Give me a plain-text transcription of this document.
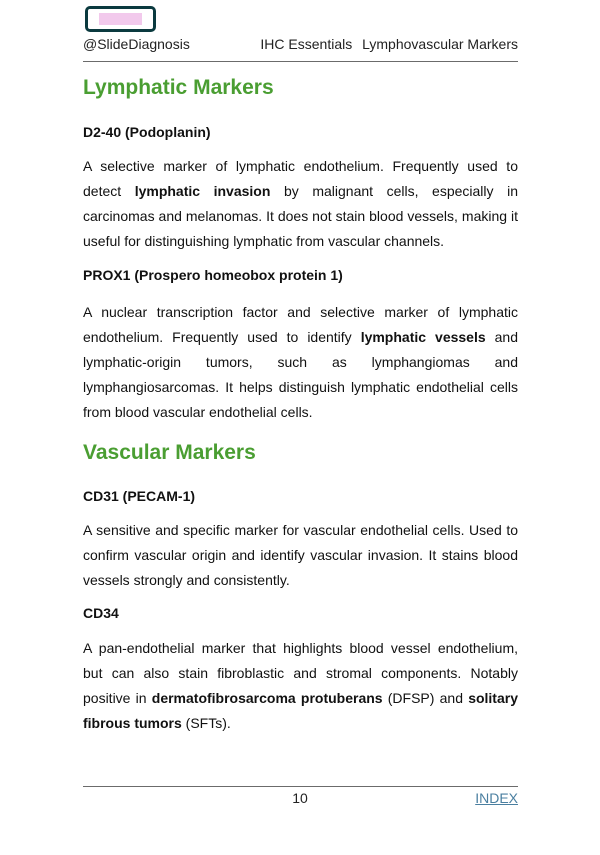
@SlideDiagnosis	IHC Essentials Lymphovascular Markers
Lymphatic Markers
D2-40 (Podoplanin)

A selective marker of lymphatic endothelium. Frequently used to detect lymphatic invasion by malignant cells, especially in carcinomas and melanomas. It does not stain blood vessels, making it useful for distinguishing lymphatic from vascular channels.

PROX1 (Prospero homeobox protein 1)

A nuclear transcription factor and selective marker of lymphatic endothelium. Frequently used to identify lymphatic vessels and lymphatic-origin tumors, such as lymphangiomas and lymphangiosarcomas. It helps distinguish lymphatic endothelial cells from blood vascular endothelial cells.

Vascular Markers
CD31 (PECAM-1)

A sensitive and specific marker for vascular endothelial cells. Used to confirm vascular origin and identify vascular invasion. It stains blood vessels strongly and consistently.

CD34

A pan-endothelial marker that highlights blood vessel endothelium, but can also stain fibroblastic and stromal components. Notably positive in dermatofibrosarcoma protuberans (DFSP) and solitary fibrous tumors (SFTs).

10	INDEX
